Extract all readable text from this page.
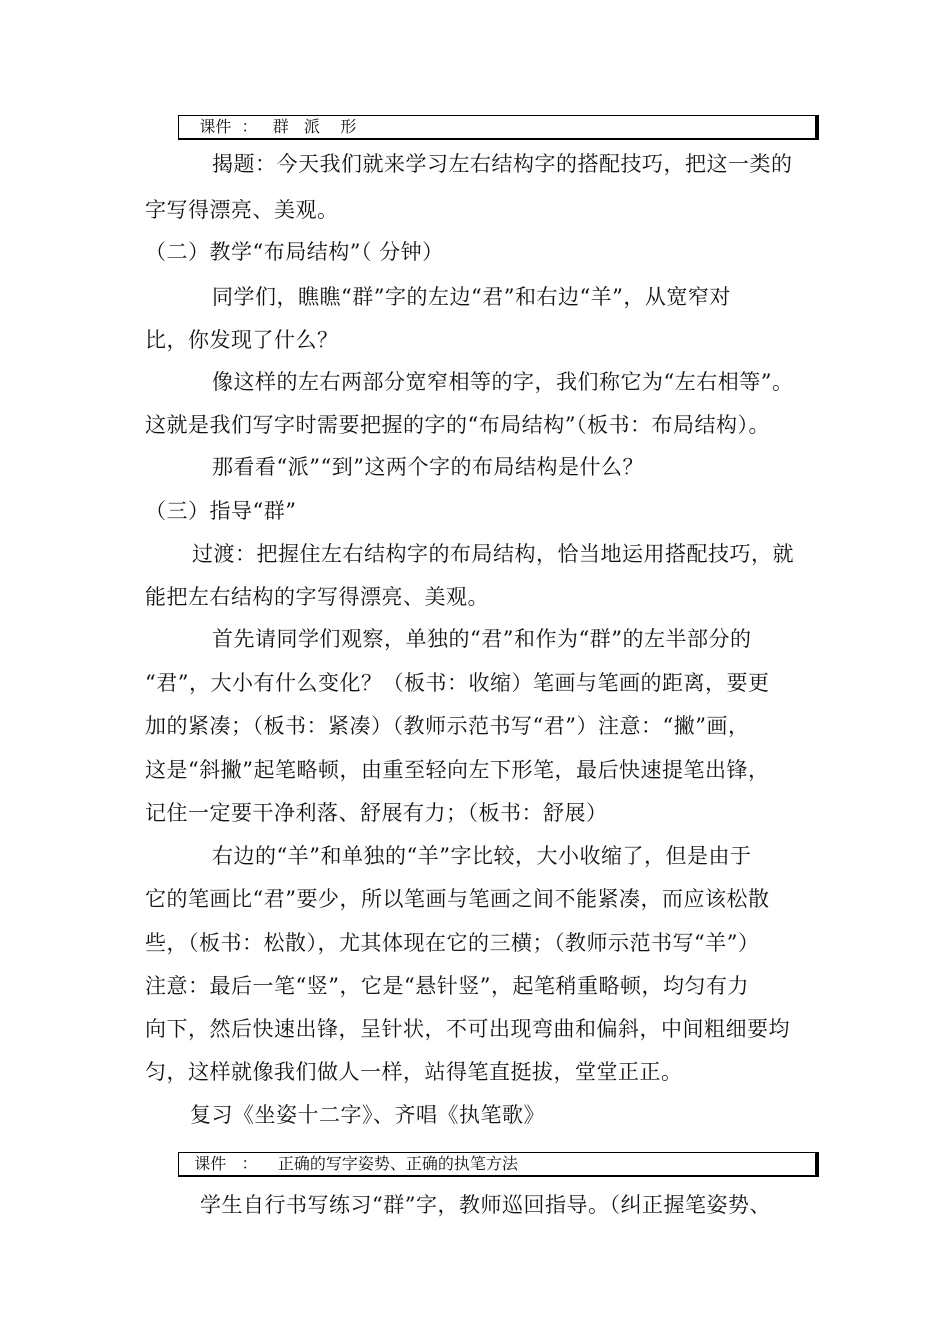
课件  ：   群   派    形
揭题：今天我们就来学习左右结构字的搭配技巧，把这一类的
字写得漂亮、美观。
（二）教学“布局结构”（ 分钟）
同学们，瞧瞧“群”字的左边“君”和右边“羊”，从宽窄对
比，你发现了什么？
像这样的左右两部分宽窄相等的字，我们称它为“左右相等”。
这就是我们写字时需要把握的字的“布局结构”（板书：布局结构）。
那看看“派”“到”这两个字的布局结构是什么？
（三）指导“群”
过渡：把握住左右结构字的布局结构，恰当地运用搭配技巧，就
能把左右结构的字写得漂亮、美观。
首先请同学们观察，单独的“君”和作为“群”的左半部分的
“君”，大小有什么变化？（板书：收缩）笔画与笔画的距离，要更
加的紧凑；（板书：紧凑）（教师示范书写“君”）注意：“撇”画，
这是“斜撇”起笔略顿，由重至轻向左下形笔，最后快速提笔出锋，
记住一定要干净利落、舒展有力；（板书：舒展）
右边的“羊”和单独的“羊”字比较，大小收缩了，但是由于
它的笔画比“君”要少，所以笔画与笔画之间不能紧凑，而应该松散
些，（板书：松散），尤其体现在它的三横；（教师示范书写“羊”）
注意：最后一笔“竖”，它是“悬针竖”，起笔稍重略顿，均匀有力
向下，然后快速出锋，呈针状，不可出现弯曲和偏斜，中间粗细要均
匀，这样就像我们做人一样，站得笔直挺拔，堂堂正正。
复习《坐姿十二字》、齐唱《执笔歌》
课件   ：    正确的写字姿势、正确的执笔方法
学生自行书写练习“群”字，教师巡回指导。（纠正握笔姿势、
